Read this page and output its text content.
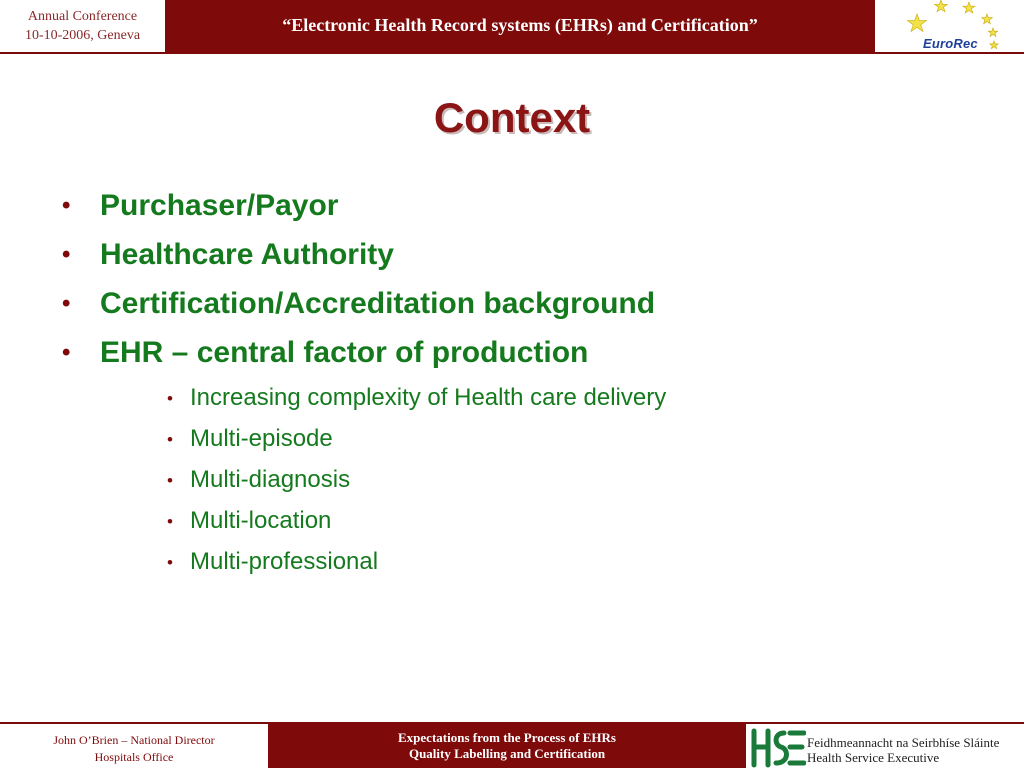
Annual Conference
10-10-2006, Geneva
“Electronic Health Record systems (EHRs) and Certification”
EuroRec
Context
• Purchaser/Payor
• Healthcare Authority
• Certification/Accreditation background
• EHR – central factor of production
• Increasing complexity of Health care delivery
• Multi-episode
• Multi-diagnosis
• Multi-location
• Multi-professional
John O’Brien – National Director
Hospitals Office
Expectations from the Process of EHRs
Quality Labelling and Certification
Feidhmeannacht na Seirbhíse Sláinte
Health Service Executive
